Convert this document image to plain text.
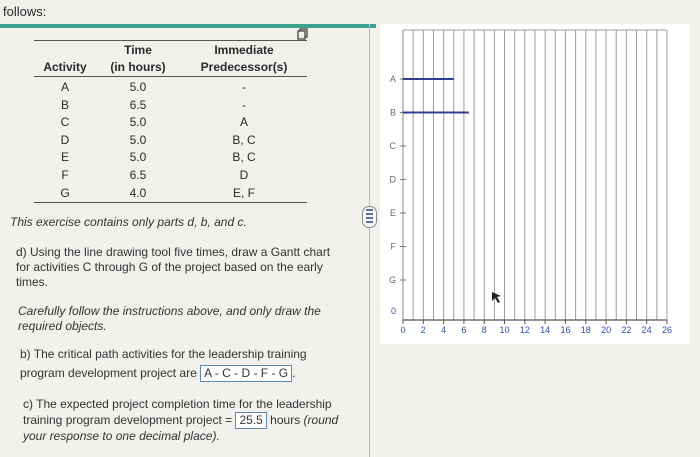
follows:
Time	Immediate
Activity	(in hours)	Predecessor(s)
A	5.0	-
B	6.5	-
C	5.0	A
D	5.0	B, C
E	5.0	B, C
F	6.5	D
G	4.0	E, F
This exercise contains only parts d, b, and c.
d) Using the line drawing tool five times, draw a Gantt chart
for activities C through G of the project based on the early
times.
Carefully follow the instructions above, and only draw the
required objects.
b) The critical path activities for the leadership training
program development project are A - C - D - F - G .
c) The expected project completion time for the leadership
training program development project = 25.5 hours (round
your response to one decimal place).
A
B
C
D
E
F
G
0 2 4 6 8 10 12 14 16 18 20 22 24 26
0
